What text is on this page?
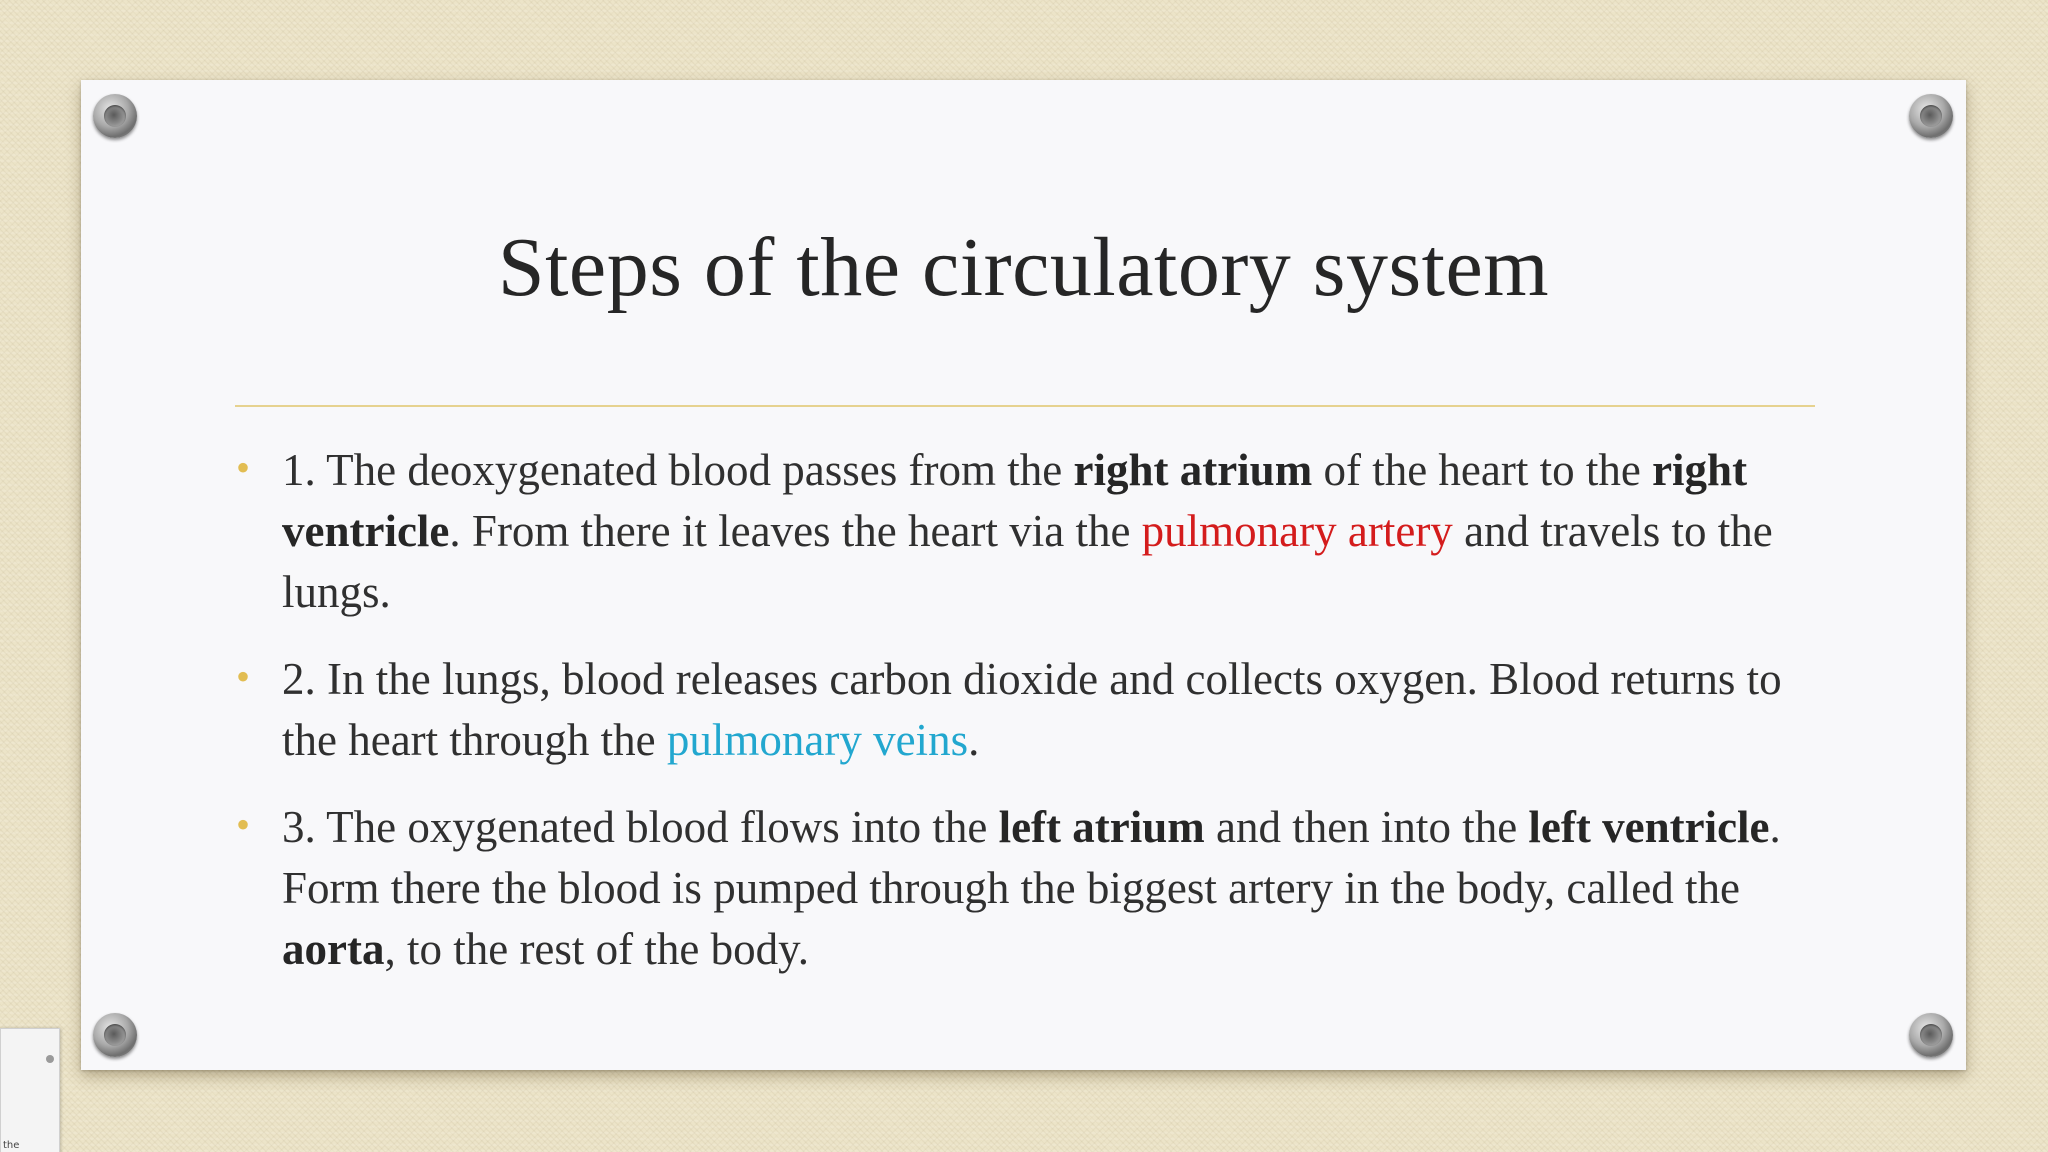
Steps of the circulatory system
• 1. The deoxygenated blood passes from the right atrium of the heart to the right ventricle. From there it leaves the heart via the pulmonary artery and travels to the lungs.
• 2. In the lungs, blood releases carbon dioxide and collects oxygen. Blood returns to the heart through the pulmonary veins.
• 3. The oxygenated blood flows into the left atrium and then into the left ventricle. Form there the blood is pumped through the biggest artery in the body, called the aorta, to the rest of the body.
the
